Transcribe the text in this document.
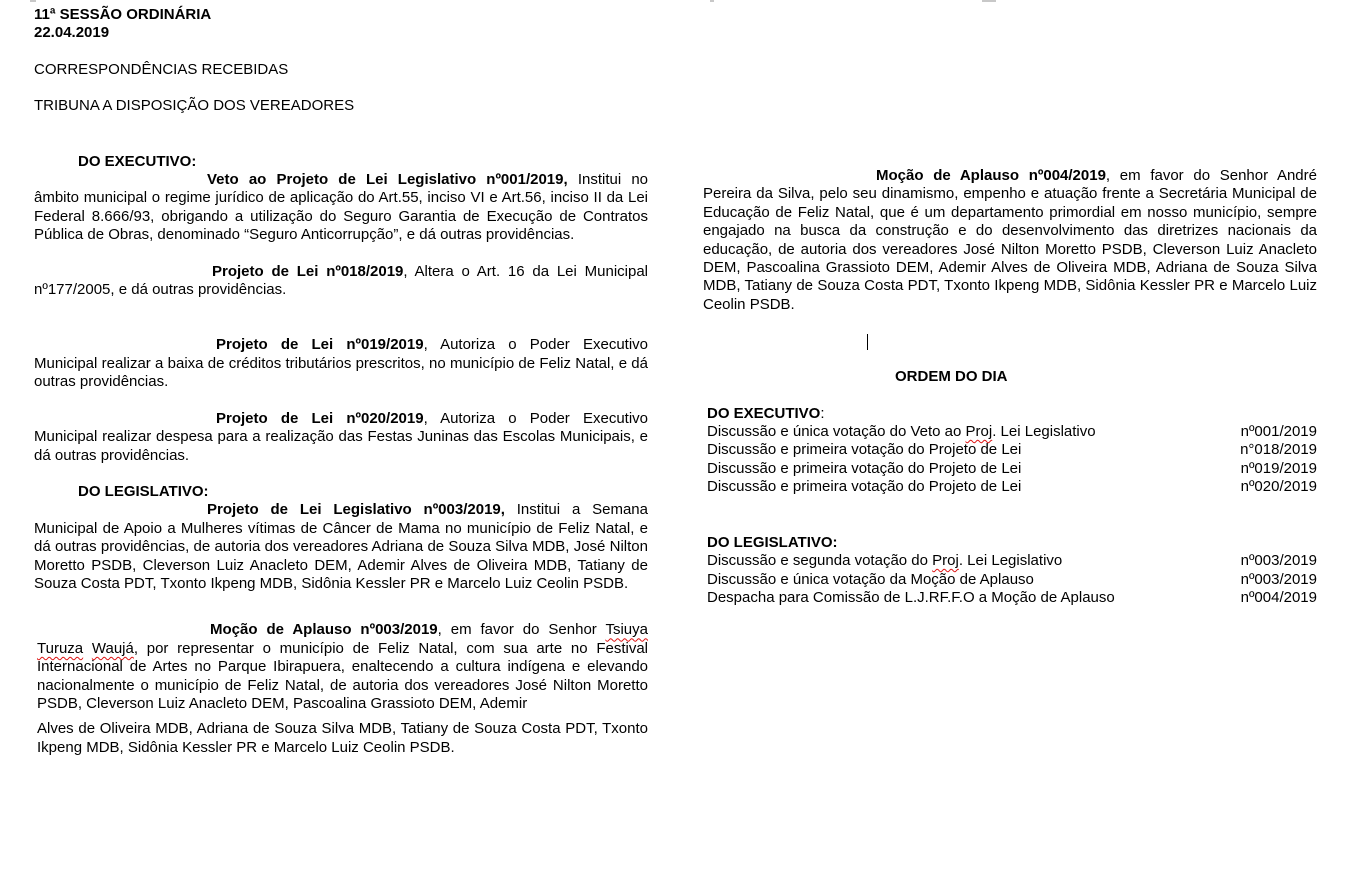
11ª SESSÃO ORDINÁRIA
22.04.2019
CORRESPONDÊNCIAS RECEBIDAS
TRIBUNA A DISPOSIÇÃO DOS VEREADORES
DO EXECUTIVO:

Veto ao Projeto de Lei Legislativo nº001/2019, Institui no âmbito municipal o regime jurídico de aplicação do Art.55, inciso VI e Art.56, inciso II da Lei Federal 8.666/93, obrigando a utilização do Seguro Garantia de Execução de Contratos Pública de Obras, denominado “Seguro Anticorrupção”, e dá outras providências.

Projeto de Lei nº018/2019, Altera o Art. 16 da Lei Municipal nº177/2005, e dá outras providências.

Projeto de Lei nº019/2019, Autoriza o Poder Executivo Municipal realizar a baixa de créditos tributários prescritos, no município de Feliz Natal, e dá outras providências.

Projeto de Lei nº020/2019, Autoriza o Poder Executivo Municipal realizar despesa para a realização das Festas Juninas das Escolas Municipais, e dá outras providências.

DO LEGISLATIVO:

Projeto de Lei Legislativo nº003/2019, Institui a Semana Municipal de Apoio a Mulheres vítimas de Câncer de Mama no município de Feliz Natal, e dá outras providências, de autoria dos vereadores Adriana de Souza Silva MDB, José Nilton Moretto PSDB, Cleverson Luiz Anacleto DEM, Ademir Alves de Oliveira MDB, Tatiany de Souza Costa PDT, Txonto Ikpeng MDB, Sidônia Kessler PR e Marcelo Luiz Ceolin PSDB.

Moção de Aplauso nº003/2019, em favor do Senhor Tsiuya Turuza Waujá, por representar o município de Feliz Natal, com sua arte no Festival Internacional de Artes no Parque Ibirapuera, enaltecendo a cultura indígena e elevando nacionalmente o município de Feliz Natal, de autoria dos vereadores José Nilton Moretto PSDB, Cleverson Luiz Anacleto DEM, Pascoalina Grassioto DEM, Ademir

Alves de Oliveira MDB, Adriana de Souza Silva MDB, Tatiany de Souza Costa PDT, Txonto Ikpeng MDB, Sidônia Kessler PR e Marcelo Luiz Ceolin PSDB.

Moção de Aplauso nº004/2019, em favor do Senhor André Pereira da Silva, pelo seu dinamismo, empenho e atuação frente a Secretária Municipal de Educação de Feliz Natal, que é um departamento primordial em nosso município, sempre engajado na busca da construção e do desenvolvimento das diretrizes nacionais da educação, de autoria dos vereadores José Nilton Moretto PSDB, Cleverson Luiz Anacleto DEM, Pascoalina Grassioto DEM, Ademir Alves de Oliveira MDB, Adriana de Souza Silva MDB, Tatiany de Souza Costa PDT, Txonto Ikpeng MDB, Sidônia Kessler PR e Marcelo Luiz Ceolin PSDB.

ORDEM DO DIA
DO EXECUTIVO:
Discussão e única votação do Veto ao Proj. Lei Legislativo	nº001/2019
Discussão e primeira votação do Projeto de Lei	n°018/2019
Discussão e primeira votação do Projeto de Lei	nº019/2019
Discussão e primeira votação do Projeto de Lei	nº020/2019
DO LEGISLATIVO:
Discussão e segunda votação do Proj. Lei Legislativo	nº003/2019
Discussão e única votação da Moção de Aplauso	nº003/2019
Despacha para Comissão de L.J.RF.F.O a Moção de Aplauso	nº004/2019
